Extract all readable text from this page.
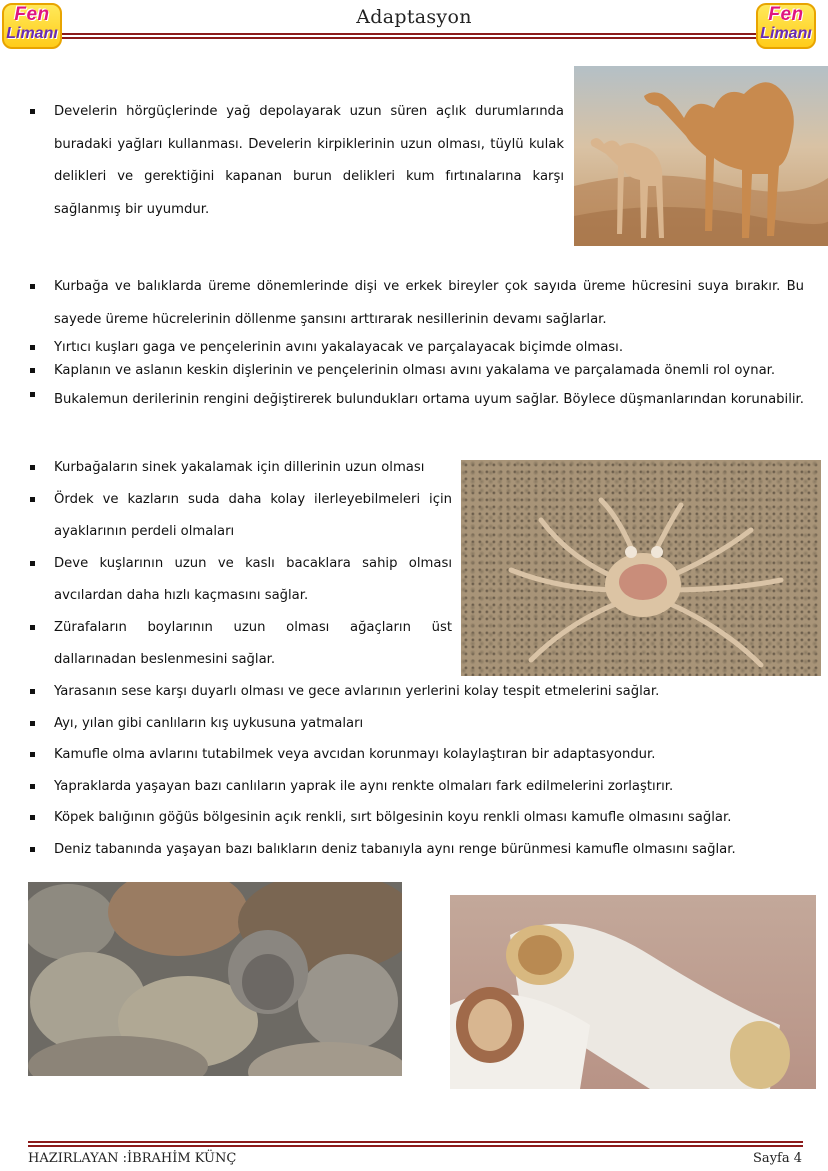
Fen
Limanı
Adaptasyon	Fen
Limanı
Develerin hörgüçlerinde yağ depolayarak uzun süren açlık durumlarında buradaki yağları kullanması. Develerin kirpiklerinin uzun olması, tüylü kulak delikleri ve gerektiğini kapanan burun delikleri kum fırtınalarına karşı sağlanmış bir uyumdur.
Kurbağa ve balıklarda üreme dönemlerinde dişi ve erkek bireyler çok sayıda üreme hücresini suya bırakır. Bu sayede üreme hücrelerinin döllenme şansını arttırarak nesillerinin devamı sağlarlar.
Yırtıcı kuşları gaga ve pençelerinin avını yakalayacak ve parçalayacak biçimde olması.
Kaplanın ve aslanın keskin dişlerinin ve pençelerinin olması avını yakalama ve parçalamada önemli rol oynar.
Bukalemun derilerinin rengini değiştirerek bulundukları ortama uyum sağlar. Böylece düşmanlarından korunabilir.
Kurbağaların sinek yakalamak için dillerinin uzun olması
Ördek ve kazların suda daha kolay ilerleyebilmeleri için ayaklarının perdeli olmaları
Deve kuşlarının uzun ve kaslı bacaklara sahip olması avcılardan daha hızlı kaçmasını sağlar.
Zürafaların boylarının uzun olması ağaçların üst dallarınadan beslenmesini sağlar.
Yarasanın sese karşı duyarlı olması ve gece avlarının yerlerini kolay tespit etmelerini sağlar.
Ayı, yılan gibi canlıların kış uykusuna yatmaları
Kamufle olma avlarını tutabilmek veya avcıdan korunmayı kolaylaştıran bir adaptasyondur.
Yapraklarda yaşayan bazı canlıların yaprak ile aynı renkte olmaları fark edilmelerini zorlaştırır.
Köpek balığının göğüs bölgesinin açık renkli, sırt bölgesinin koyu renkli olması kamufle olmasını sağlar.
Deniz tabanında yaşayan bazı balıkların deniz tabanıyla aynı renge bürünmesi kamufle olmasını sağlar.
HAZIRLAYAN :İBRAHİM KÜNÇ	Sayfa 4
